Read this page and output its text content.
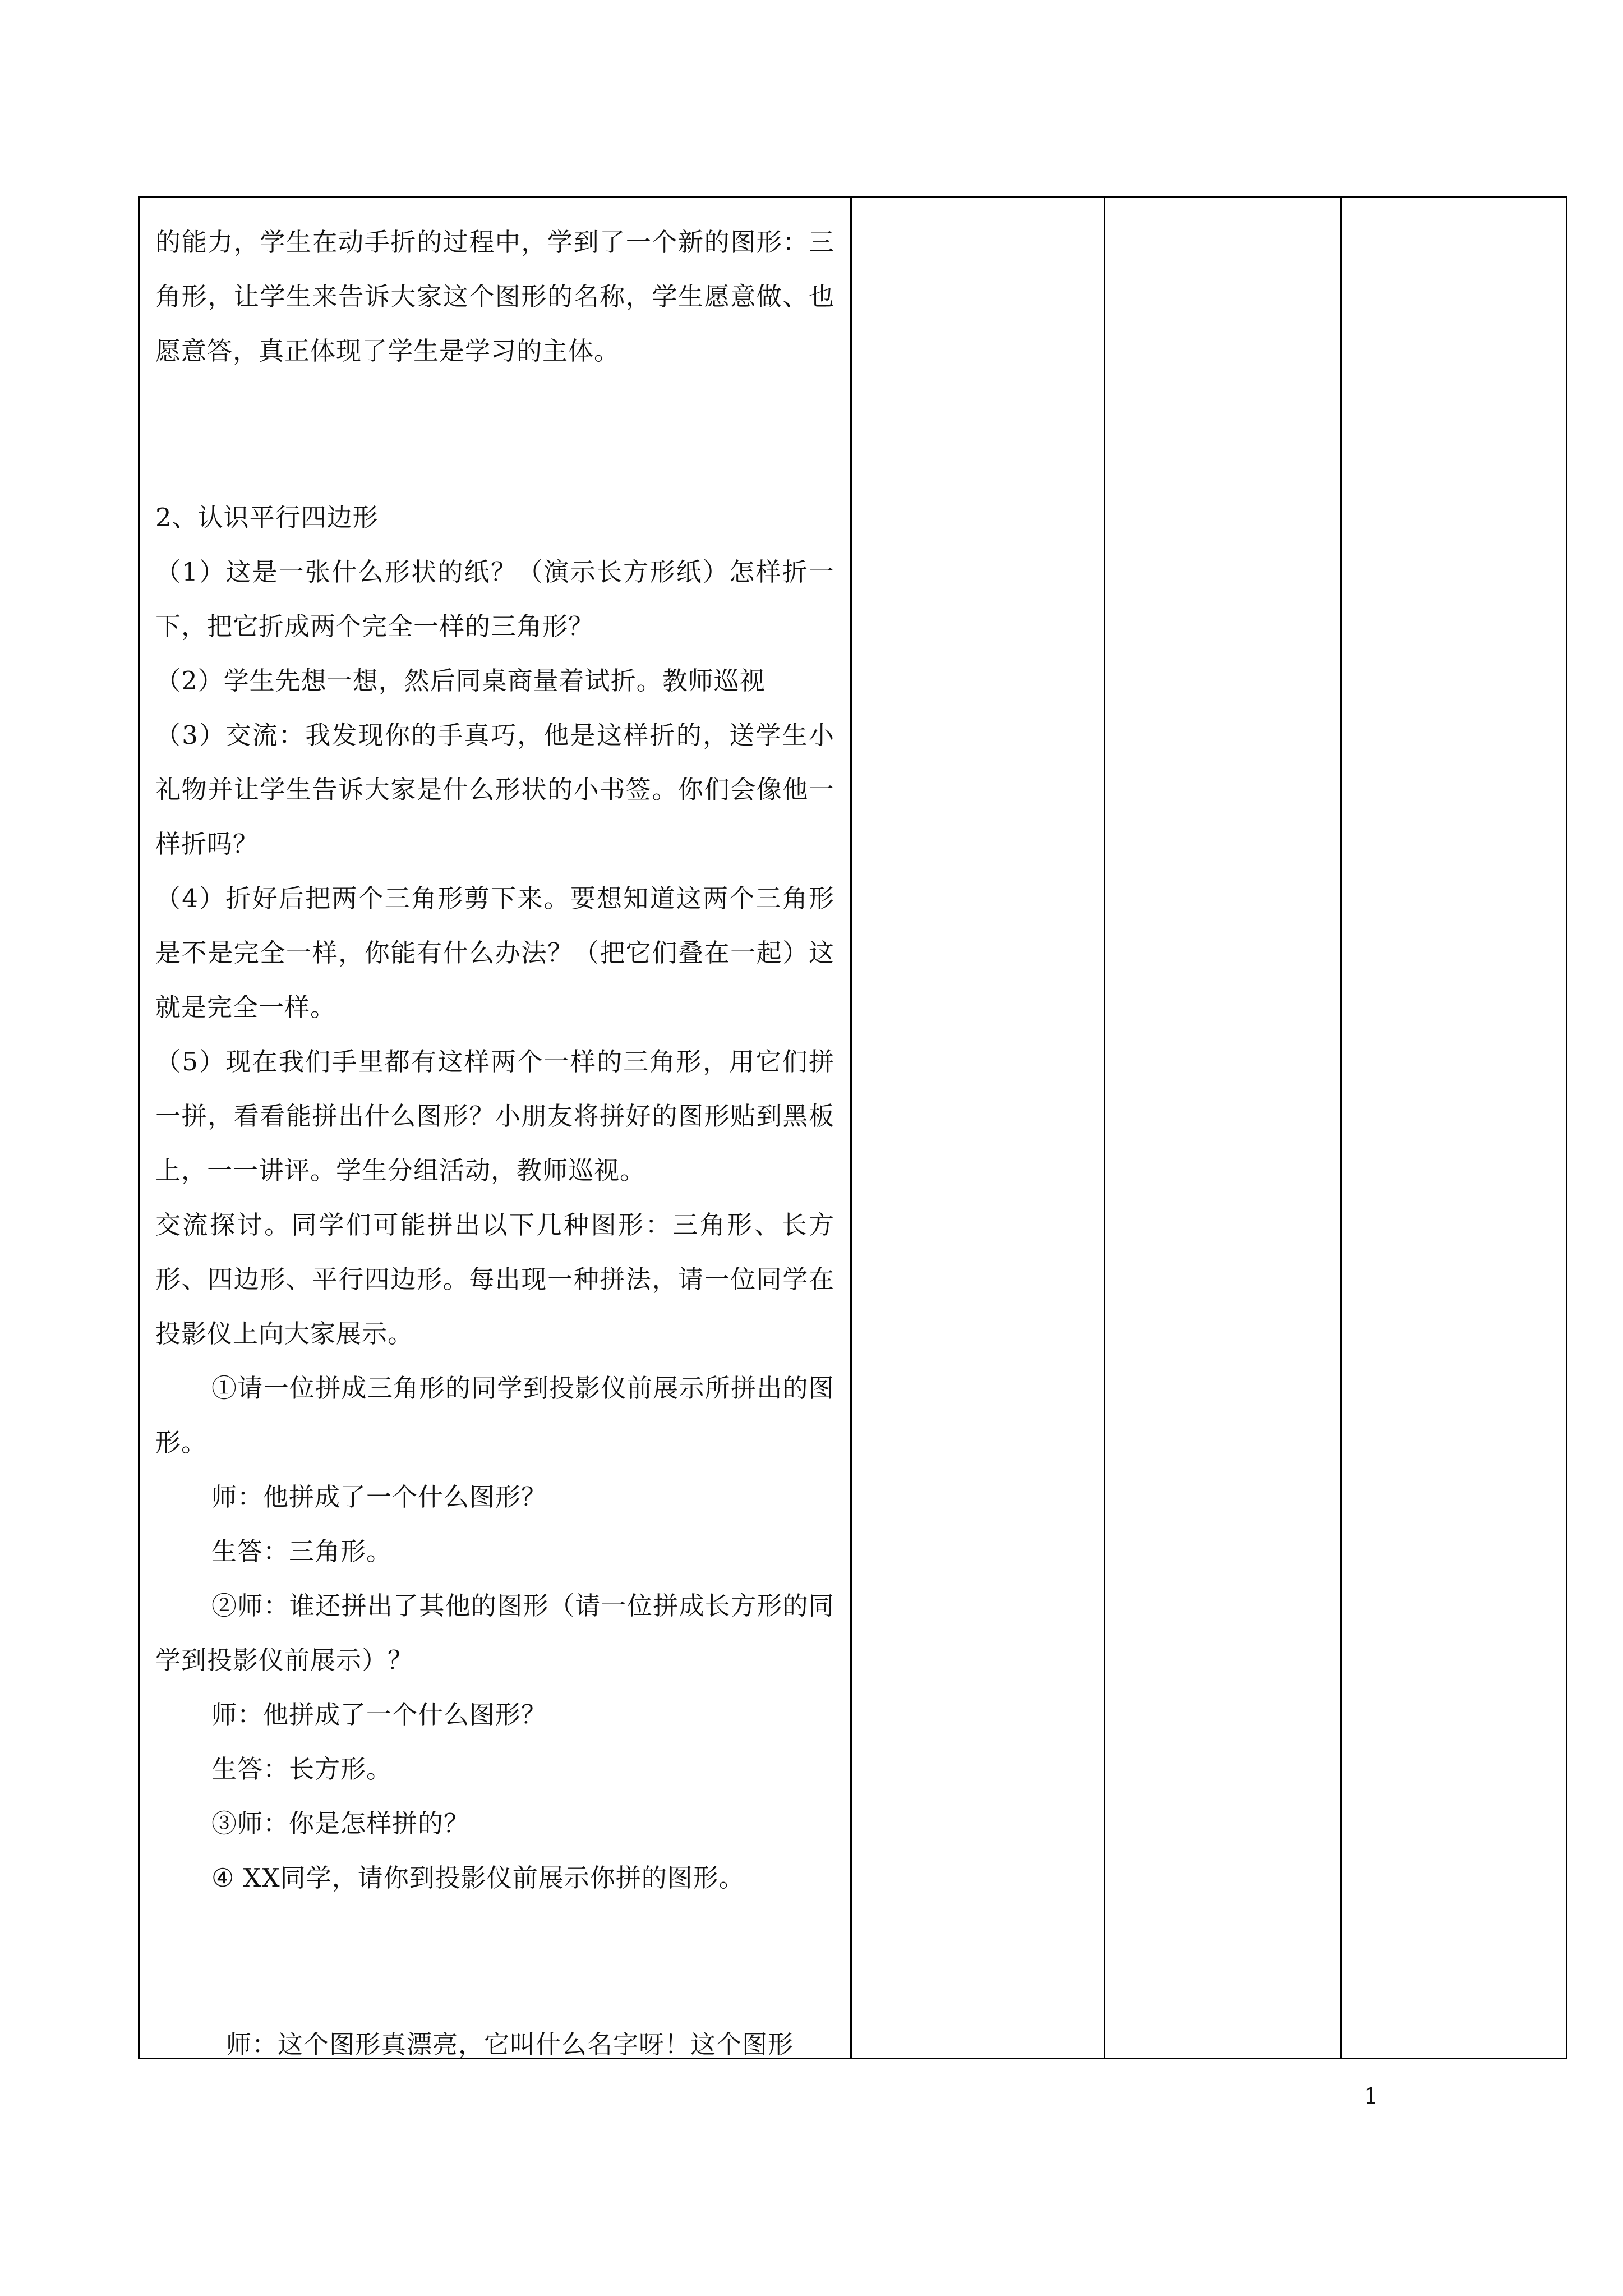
的能力，学生在动手折的过程中，学到了一个新的图形：三角形，让学生来告诉大家这个图形的名称，学生愿意做、也愿意答，真正体现了学生是学习的主体。

2、认识平行四边形

（1）这是一张什么形状的纸？（演示长方形纸）怎样折一下，把它折成两个完全一样的三角形？

（2）学生先想一想，然后同桌商量着试折。教师巡视

（3）交流：我发现你的手真巧，他是这样折的，送学生小礼物并让学生告诉大家是什么形状的小书签。你们会像他一样折吗？

（4）折好后把两个三角形剪下来。要想知道这两个三角形是不是完全一样，你能有什么办法？（把它们叠在一起）这就是完全一样。

（5）现在我们手里都有这样两个一样的三角形，用它们拼一拼，看看能拼出什么图形？小朋友将拼好的图形贴到黑板上，一一讲评。学生分组活动，教师巡视。

交流探讨。同学们可能拼出以下几种图形：三角形、长方形、四边形、平行四边形。每出现一种拼法，请一位同学在投影仪上向大家展示。

①请一位拼成三角形的同学到投影仪前展示所拼出的图形。

师：他拼成了一个什么图形？

生答：三角形。

②师：谁还拼出了其他的图形（请一位拼成长方形的同学到投影仪前展示）？

师：他拼成了一个什么图形？

生答：长方形。

③师：你是怎样拼的？

④ XX同学，请你到投影仪前展示你拼的图形。

师：这个图形真漂亮，它叫什么名字呀！这个图形

1
